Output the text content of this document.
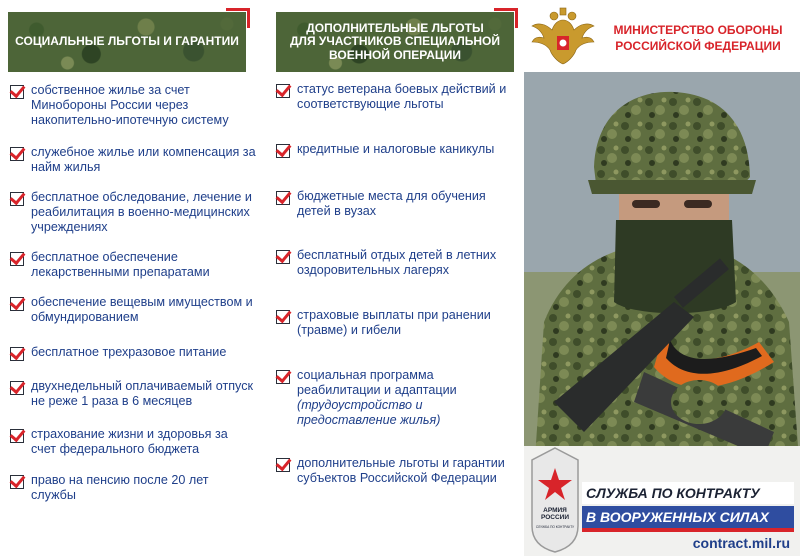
СОЦИАЛЬНЫЕ ЛЬГОТЫ И ГАРАНТИИ
собственное жилье за счет Минобороны России через накопительно-ипотечную систему
служебное жилье или компенсация за найм жилья
бесплатное обследование, лечение и реабилитация в военно-медицинских учреждениях
бесплатное обеспечение лекарственными препаратами
обеспечение вещевым имуществом и обмундированием
бесплатное трехразовое питание
двухнедельный оплачиваемый отпуск не реже 1 раза в 6 месяцев
страхование жизни и здоровья за счет федерального бюджета
право на пенсию после 20 лет службы
ДОПОЛНИТЕЛЬНЫЕ ЛЬГОТЫ
ДЛЯ УЧАСТНИКОВ СПЕЦИАЛЬНОЙ
ВОЕННОЙ ОПЕРАЦИИ
статус ветерана боевых действий и соответствующие льготы
кредитные и налоговые каникулы
бюджетные места для обучения детей в вузах
бесплатный отдых детей в летних оздоровительных лагерях
страховые выплаты при ранении (травме) и гибели
социальная программа реабилитации и адаптации
(трудоустройство и предоставление жилья)
дополнительные льготы и гарантии субъектов Российской Федерации
МИНИСТЕРСТВО ОБОРОНЫ
РОССИЙСКОЙ ФЕДЕРАЦИИ
АРМИЯ
РОССИИ
СЛУЖБА ПО КОНТРАКТУ
СЛУЖБА ПО КОНТРАКТУ
В ВООРУЖЕННЫХ СИЛАХ
contract.mil.ru
